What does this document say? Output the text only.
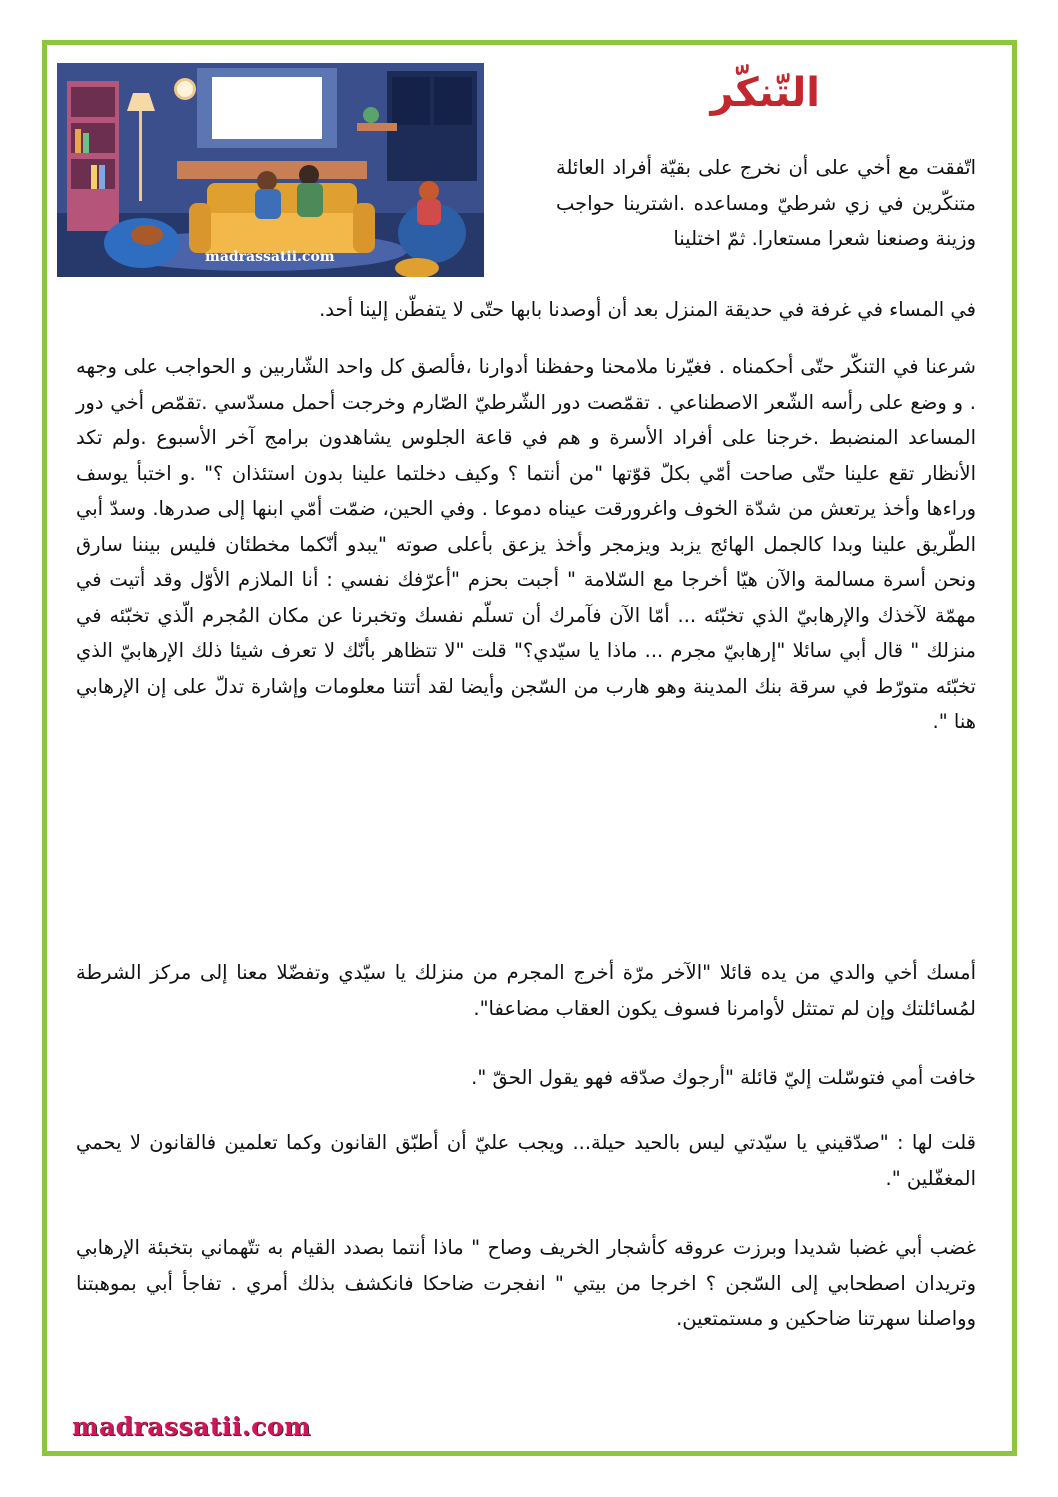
madrassatii.com
التّنكّر

اتّفقت مع أخي على أن نخرج على بقيّة أفراد العائلة متنكّرين في زي شرطيّ ومساعده .اشترينا حواجب وزينة وصنعنا شعرا مستعارا. ثمّ اختلينا

في المساء في غرفة في حديقة المنزل بعد أن أوصدنا بابها حتّى لا يتفطّن إلينا أحد.

شرعنا في التنكّر حتّى أحكمناه . فغيّرنا ملامحنا وحفظنا أدوارنا ،فألصق كل واحد الشّاربين و الحواجب على وجهه . و وضع على رأسه الشّعر الاصطناعي . تقمّصت دور الشّرطيّ الصّارم وخرجت أحمل مسدّسي .تقمّص أخي دور المساعد المنضبط .خرجنا على أفراد الأسرة و هم في قاعة الجلوس يشاهدون برامج آخر الأسبوع .ولم تكد الأنظار تقع علينا حتّى صاحت أمّي بكلّ قوّتها "من أنتما ؟ وكيف دخلتما علينا بدون استئذان ؟" .و اختبأ يوسف وراءها وأخذ يرتعش من شدّة الخوف واغرورقت عيناه دموعا . وفي الحين، ضمّت أمّي ابنها إلى صدرها. وسدّ أبي الطّريق علينا وبدا كالجمل الهائج يزبد ويزمجر وأخذ يزعق بأعلى صوته "يبدو أنّكما مخطئان فليس بيننا سارق ونحن أسرة مسالمة والآن هيّا أخرجا مع السّلامة " أجبت بحزم "أعرّفك نفسي : أنا الملازم الأوّل وقد أتيت في مهمّة لآخذك والإرهابيّ الذي تخبّئه ... أمّا الآن فآمرك أن تسلّم نفسك وتخبرنا عن مكان المُجرم الّذي تخبّئه في منزلك " قال أبي سائلا "إرهابيّ مجرم ... ماذا يا سيّدي؟" قلت "لا تتظاهر بأنّك لا تعرف شيئا ذلك الإرهابيّ الذي تخبّئه متورّط في سرقة بنك المدينة وهو هارب من السّجن وأيضا لقد أتتنا معلومات وإشارة تدلّ على إن الإرهابي هنا ".

أمسك أخي والدي من يده قائلا "الآخر مرّة أخرج المجرم من منزلك يا سيّدي وتفضّلا معنا إلى مركز الشرطة لمُسائلتك وإن لم تمتثل لأوامرنا فسوف يكون العقاب مضاعفا".

خافت أمي فتوسّلت إليّ قائلة "أرجوك صدّقه فهو يقول الحقّ ".

قلت لها : "صدّقيني يا سيّدتي ليس بالحيد حيلة... ويجب عليّ أن أطبّق القانون وكما تعلمين فالقانون لا يحمي المغفّلين ".

غضب أبي غضبا شديدا وبرزت عروقه كأشجار الخريف وصاح " ماذا أنتما بصدد القيام به تتّهماني بتخبئة الإرهابي وتريدان اصطحابي إلى السّجن ؟ اخرجا من بيتي " انفجرت ضاحكا فانكشف بذلك أمري . تفاجأ أبي بموهبتنا وواصلنا سهرتنا ضاحكين و مستمتعين.

madrassatii.com
